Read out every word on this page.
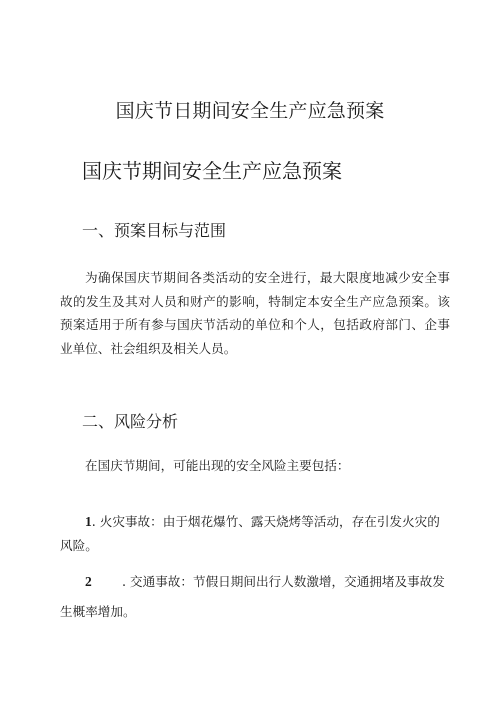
国庆节日期间安全生产应急预案
国庆节期间安全生产应急预案
一、预案目标与范围
为确保国庆节期间各类活动的安全进行，最大限度地减少安全事故的发生及其对人员和财产的影响，特制定本安全生产应急预案。该预案适用于所有参与国庆节活动的单位和个人，包括政府部门、企事业单位、社会组织及相关人员。
二、风险分析
在国庆节期间，可能出现的安全风险主要包括：
1. 火灾事故：由于烟花爆竹、露天烧烤等活动，存在引发火灾的风险。
2 . 交通事故：节假日期间出行人数激增，交通拥堵及事故发生概率增加。
